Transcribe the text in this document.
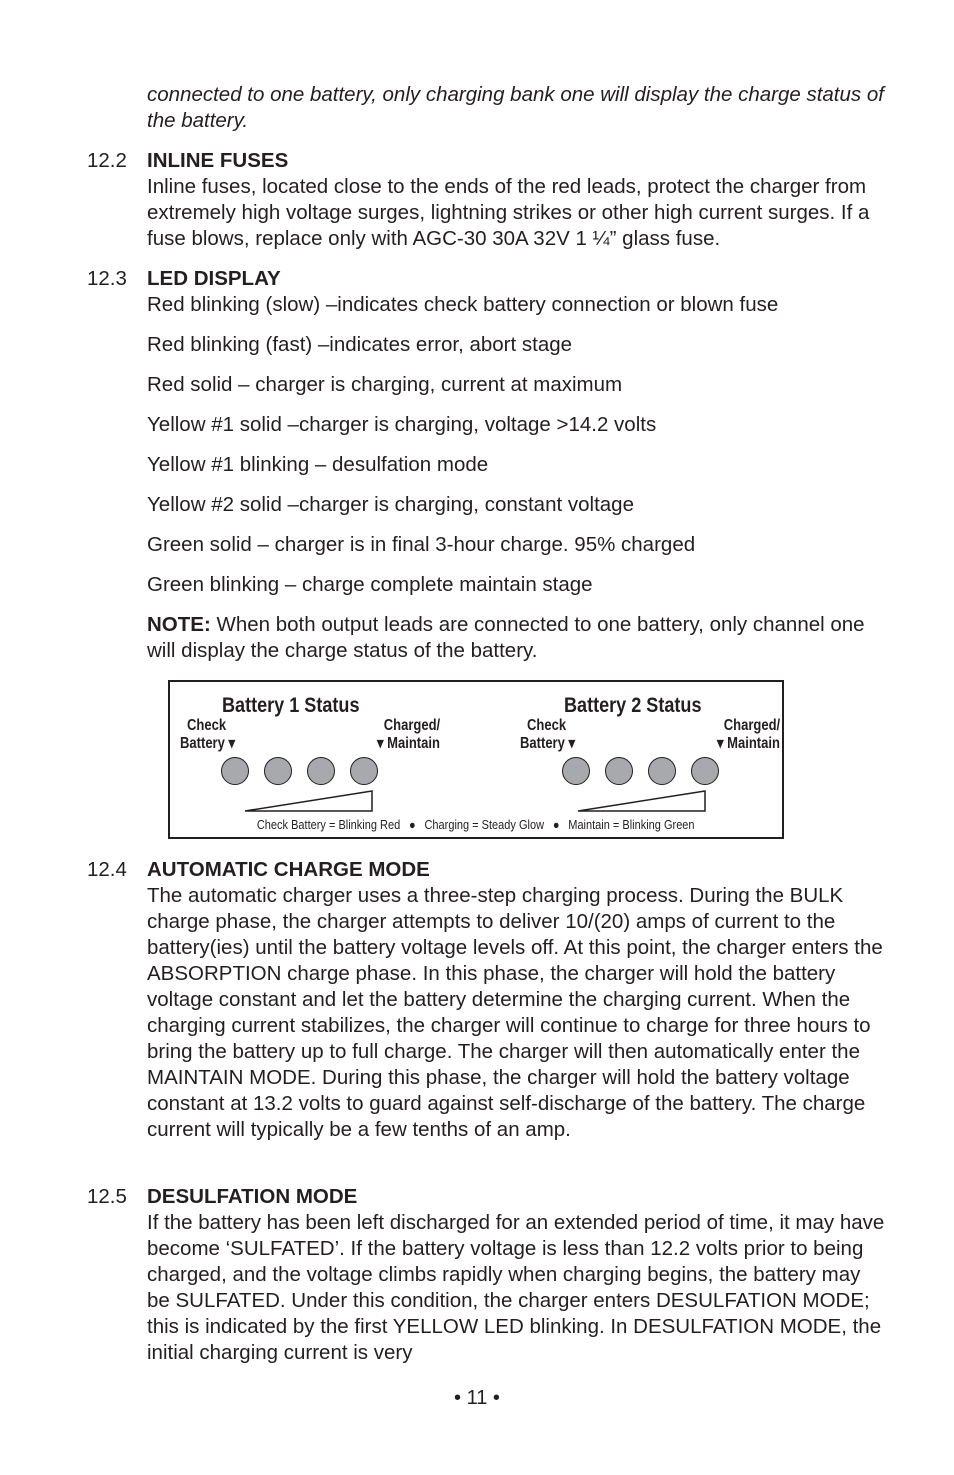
connected to one battery, only charging bank one will display the charge status of the battery.
12.2 INLINE FUSES

Inline fuses, located close to the ends of the red leads, protect the charger from extremely high voltage surges, lightning strikes or other high current surges. If a fuse blows, replace only with AGC-30 30A 32V 1 ¼” glass fuse.

12.3 LED DISPLAY

Red blinking (slow) –indicates check battery connection or blown fuse

Red blinking (fast) –indicates error, abort stage

Red solid – charger is charging, current at maximum

Yellow #1 solid –charger is charging, voltage >14.2 volts

Yellow #1 blinking – desulfation mode

Yellow #2 solid –charger is charging, constant voltage

Green solid – charger is in final 3-hour charge. 95% charged

Green blinking – charge complete maintain stage

NOTE: When both output leads are connected to one battery, only channel one will display the charge status of the battery.

Battery 1 Status
Check
Battery ▾
Charged/
▾ Maintain
Battery 2 Status
Check
Battery ▾
Charged/
▾ Maintain
Check Battery = Blinking Red ● Charging = Steady Glow ● Maintain = Blinking Green
12.4 AUTOMATIC CHARGE MODE

The automatic charger uses a three-step charging process. During the BULK charge phase, the charger attempts to deliver 10/(20) amps of current to the battery(ies) until the battery voltage levels off. At this point, the charger enters the ABSORPTION charge phase. In this phase, the charger will hold the battery voltage constant and let the battery determine the charging current. When the charging current stabilizes, the charger will continue to charge for three hours to bring the battery up to full charge. The charger will then automatically enter the MAINTAIN MODE. During this phase, the charger will hold the battery voltage constant at 13.2 volts to guard against self-discharge of the battery. The charge current will typically be a few tenths of an amp.

12.5 DESULFATION MODE

If the battery has been left discharged for an extended period of time, it may have become ‘SULFATED’. If the battery voltage is less than 12.2 volts prior to being charged, and the voltage climbs rapidly when charging begins, the battery may be SULFATED. Under this condition, the charger enters DESULFATION MODE; this is indicated by the first YELLOW LED blinking. In DESULFATION MODE, the initial charging current is very

• 11 •
